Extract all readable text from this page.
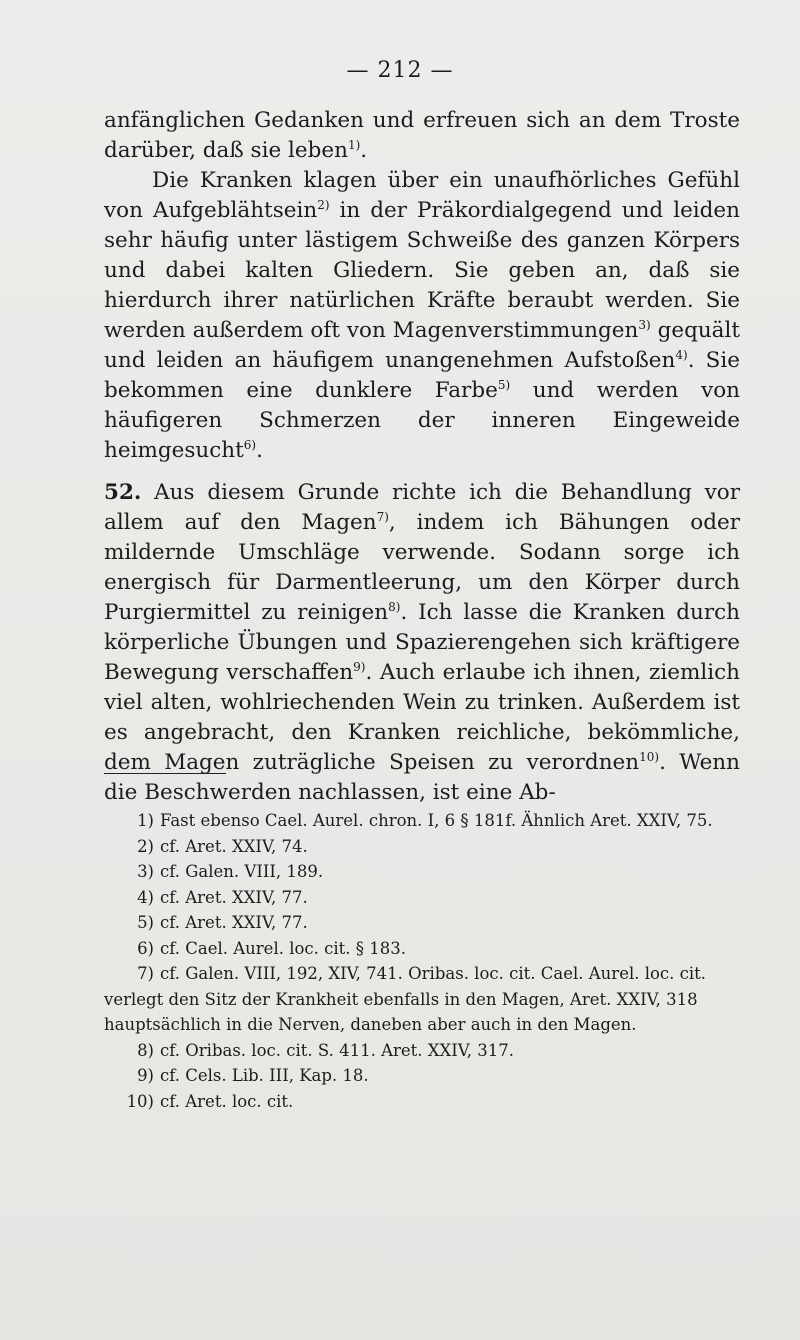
— 212 —

anfänglichen Gedanken und erfreuen sich an dem Troste darüber, daß sie leben$^{1)}$.

Die Kranken klagen über ein unaufhörliches Gefühl von Aufgeblähtsein$^{2)}$ in der Präkordialgegend und leiden sehr häufig unter lästigem Schweiße des ganzen Körpers und dabei kalten Gliedern. Sie geben an, daß sie hierdurch ihrer natürlichen Kräfte beraubt werden. Sie werden außerdem oft von Magenverstimmungen$^{3)}$ gequält und leiden an häufigem unangenehmen Aufstoßen$^{4)}$. Sie bekommen eine dunklere Farbe$^{5)}$ und werden von häufigeren Schmerzen der inneren Eingeweide heimgesucht$^{6)}$.

52. Aus diesem Grunde richte ich die Behandlung vor allem auf den Magen$^{7)}$, indem ich Bähungen oder mildernde Umschläge verwende. Sodann sorge ich energisch für Darmentleerung, um den Körper durch Purgiermittel zu reinigen$^{8)}$. Ich lasse die Kranken durch körperliche Übungen und Spazierengehen sich kräftigere Bewegung verschaffen$^{9)}$. Auch erlaube ich ihnen, ziemlich viel alten, wohlriechenden Wein zu trinken. Außerdem ist es angebracht, den Kranken reichliche, bekömmliche, dem Magen zuträgliche Speisen zu verordnen$^{10)}$. Wenn die Beschwerden nachlassen, ist eine Ab-

1) Fast ebenso Cael. Aurel. chron. I, 6 § 181f. Ähnlich Aret. XXIV, 75.

2) cf. Aret. XXIV, 74.

3) cf. Galen. VIII, 189.

4) cf. Aret. XXIV, 77.

5) cf. Aret. XXIV, 77.

6) cf. Cael. Aurel. loc. cit. § 183.

7) cf. Galen. VIII, 192, XIV, 741. Oribas. loc. cit. Cael. Aurel. loc. cit. verlegt den Sitz der Krankheit ebenfalls in den Magen, Aret. XXIV, 318 hauptsächlich in die Nerven, daneben aber auch in den Magen.

8) cf. Oribas. loc. cit. S. 411. Aret. XXIV, 317.

9) cf. Cels. Lib. III, Kap. 18.

10) cf. Aret. loc. cit.
